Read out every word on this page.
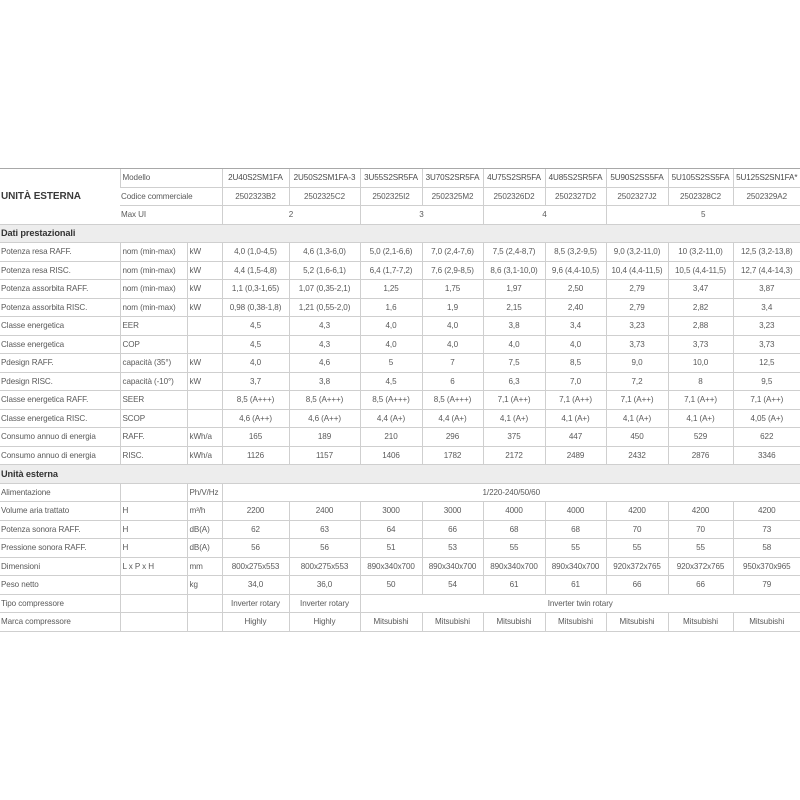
UNITÀ ESTERNA	Modello		2U40S2SM1FA	2U50S2SM1FA-3	3U55S2SR5FA	3U70S2SR5FA	4U75S2SR5FA	4U85S2SR5FA	5U90S2SS5FA	5U105S2SS5FA	5U125S2SN1FA*
	Codice commerciale		2502323B2	2502325C2	2502325I2	2502325M2	2502326D2	2502327D2	2502327J2	2502328C2	2502329A2
	Max UI		2		3		4		5		
Dati prestazionali											
Potenza resa RAFF.	nom (min-max)	kW	4,0 (1,0-4,5)	4,6 (1,3-6,0)	5,0 (2,1-6,6)	7,0 (2,4-7,6)	7,5 (2,4-8,7)	8,5 (3,2-9,5)	9,0 (3,2-11,0)	10 (3,2-11,0)	12,5 (3,2-13,8)
Potenza resa RISC.	nom (min-max)	kW	4,4 (1,5-4,8)	5,2 (1,6-6,1)	6,4 (1,7-7,2)	7,6 (2,9-8,5)	8,6 (3,1-10,0)	9,6 (4,4-10,5)	10,4 (4,4-11,5)	10,5 (4,4-11,5)	12,7 (4,4-14,3)
Potenza assorbita RAFF.	nom (min-max)	kW	1,1 (0,3-1,65)	1,07 (0,35-2,1)	1,25	1,75	1,97	2,50	2,79	3,47	3,87
Potenza assorbita RISC.	nom (min-max)	kW	0,98 (0,38-1,8)	1,21 (0,55-2,0)	1,6	1,9	2,15	2,40	2,79	2,82	3,4
Classe energetica	EER		4,5	4,3	4,0	4,0	3,8	3,4	3,23	2,88	3,23
Classe energetica	COP		4,5	4,3	4,0	4,0	4,0	4,0	3,73	3,73	3,73
Pdesign RAFF.	capacità (35°)	kW	4,0	4,6	5	7	7,5	8,5	9,0	10,0	12,5
Pdesign RISC.	capacità (-10°)	kW	3,7	3,8	4,5	6	6,3	7,0	7,2	8	9,5
Classe energetica RAFF.	SEER		8,5 (A+++)	8,5 (A+++)	8,5 (A+++)	8,5 (A+++)	7,1 (A++)	7,1 (A++)	7,1 (A++)	7,1 (A++)	7,1 (A++)
Classe energetica RISC.	SCOP		4,6 (A++)	4,6 (A++)	4,4 (A+)	4,4 (A+)	4,1 (A+)	4,1 (A+)	4,1 (A+)	4,1 (A+)	4,05 (A+)
Consumo annuo di energia	RAFF.	kWh/a	165	189	210	296	375	447	450	529	622
Consumo annuo di energia	RISC.	kWh/a	1126	1157	1406	1782	2172	2489	2432	2876	3346
Unità esterna											
Alimentazione		Ph/V/Hz	1/220-240/50/60								
Volume aria trattato	H	m³/h	2200	2400	3000	3000	4000	4000	4200	4200	4200
Potenza sonora RAFF.	H	dB(A)	62	63	64	66	68	68	70	70	73
Pressione sonora RAFF.	H	dB(A)	56	56	51	53	55	55	55	55	58
Dimensioni	L x P x H	mm	800x275x553	800x275x553	890x340x700	890x340x700	890x340x700	890x340x700	920x372x765	920x372x765	950x370x965
Peso netto		kg	34,0	36,0	50	54	61	61	66	66	79
Tipo compressore			Inverter rotary	Inverter rotary	Inverter twin rotary						
Marca compressore			Highly	Highly	Mitsubishi	Mitsubishi	Mitsubishi	Mitsubishi	Mitsubishi	Mitsubishi	Mitsubishi
